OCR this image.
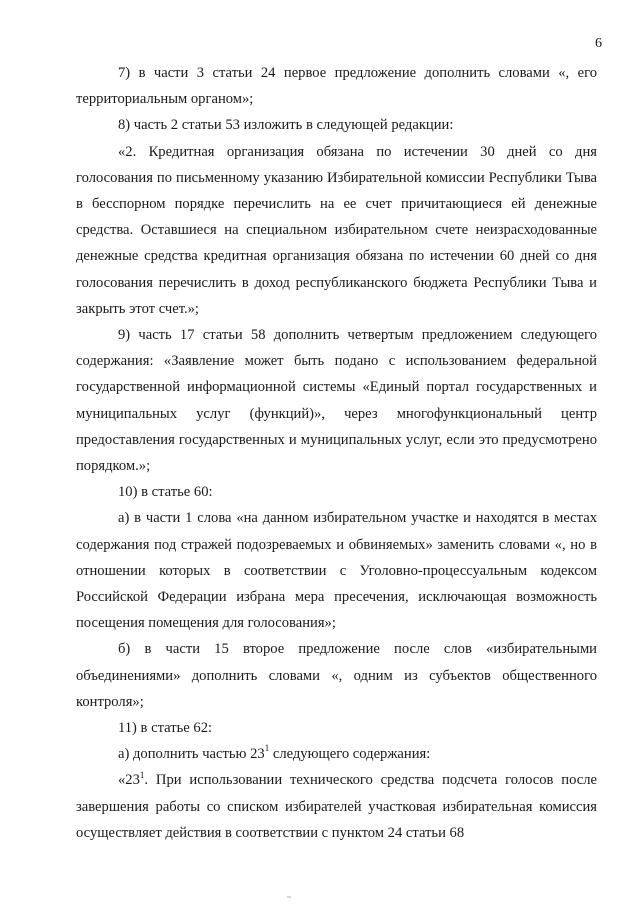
6

7) в части 3 статьи 24 первое предложение дополнить словами «, его территориальным органом»;

8) часть 2 статьи 53 изложить в следующей редакции:

«2. Кредитная организация обязана по истечении 30 дней со дня голосования по письменному указанию Избирательной комиссии Республики Тыва в бесспорном порядке перечислить на ее счет причитающиеся ей денежные средства. Оставшиеся на специальном избирательном счете неизрасходованные денежные средства кредитная организация обязана по истечении 60 дней со дня голосования перечислить в доход республиканского бюджета Республики Тыва и закрыть этот счет.»;

9) часть 17 статьи 58 дополнить четвертым предложением следующего содержания: «Заявление может быть подано с использованием федеральной государственной информационной системы «Единый портал государственных и муниципальных услуг (функций)», через многофункциональный центр предоставления государственных и муниципальных услуг, если это предусмотрено порядком.»;

10) в статье 60:

а) в части 1 слова «на данном избирательном участке и находятся в местах содержания под стражей подозреваемых и обвиняемых» заменить словами «, но в отношении которых в соответствии с Уголовно-процессуальным кодексом Российской Федерации избрана мера пресечения, исключающая возможность посещения помещения для голосования»;

б) в части 15 второе предложение после слов «избирательными объединениями» дополнить словами «, одним из субъектов общественного контроля»;

11) в статье 62:

а) дополнить частью $23^1$ следующего содержания:

«$23^1$. При использовании технического средства подсчета голосов после завершения работы со списком избирателей участковая избирательная комиссия осуществляет действия в соответствии с пунктом 24 статьи 68
